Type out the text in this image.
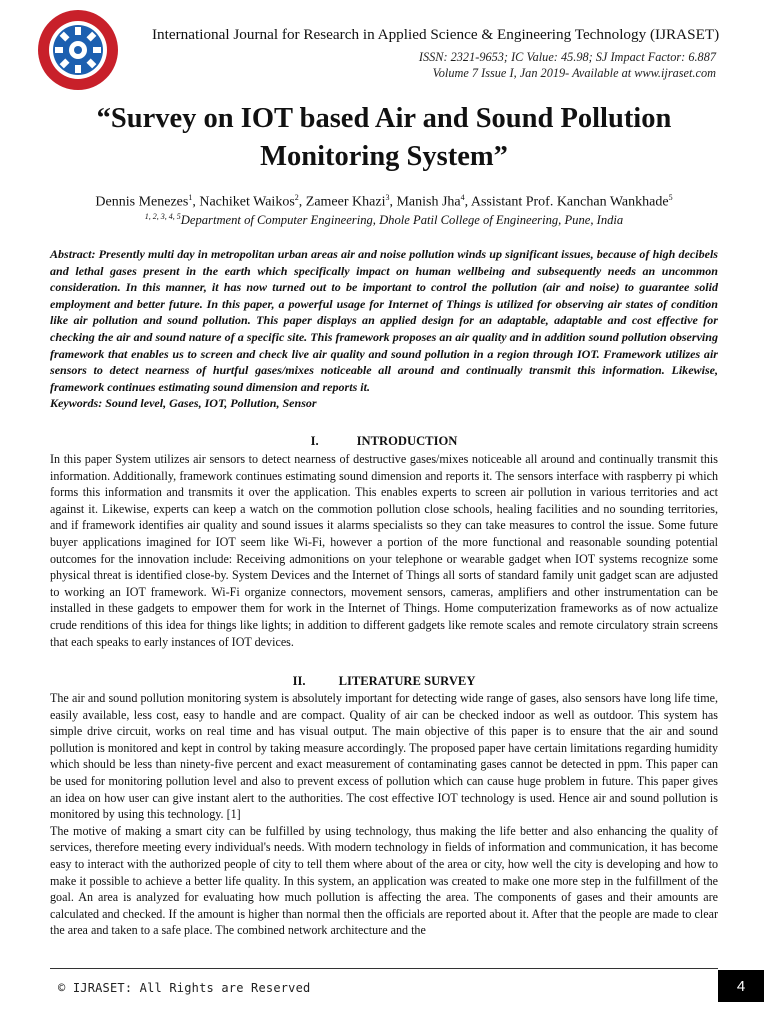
International Journal for Research in Applied Science & Engineering Technology (IJRASET)
ISSN: 2321-9653; IC Value: 45.98; SJ Impact Factor: 6.887
Volume 7 Issue I, Jan 2019- Available at www.ijraset.com
“Survey on IOT based Air and Sound Pollution
Monitoring System”
Dennis Menezes$^1$, Nachiket Waikos$^2$, Zameer Khazi$^3$, Manish Jha$^4$, Assistant Prof. Kanchan Wankhade$^5$
$^{1, 2, 3, 4, 5}$Department of Computer Engineering, Dhole Patil College of Engineering, Pune, India

Abstract: Presently multi day in metropolitan urban areas air and noise pollution winds up significant issues, because of high decibels and lethal gases present in the earth which specifically impact on human wellbeing and subsequently needs an uncommon consideration. In this manner, it has now turned out to be important to control the pollution (air and noise) to guarantee solid employment and better future. In this paper, a powerful usage for Internet of Things is utilized for observing air states of condition like air pollution and sound pollution. This paper displays an applied design for an adaptable, adaptable and cost effective for checking the air and sound nature of a specific site. This framework proposes an air quality and in addition sound pollution observing framework that enables us to screen and check live air quality and sound pollution in a region through IOT. Framework utilizes air sensors to detect nearness of hurtful gases/mixes noticeable all around and continually transmit this information. Likewise, framework continues estimating sound dimension and reports it.

Keywords: Sound level, Gases, IOT, Pollution, Sensor

I.	INTRODUCTION

In this paper System utilizes air sensors to detect nearness of destructive gases/mixes noticeable all around and continually transmit this information. Additionally, framework continues estimating sound dimension and reports it. The sensors interface with raspberry pi which forms this information and transmits it over the application. This enables experts to screen air pollution in various territories and act against it. Likewise, experts can keep a watch on the commotion pollution close schools, healing facilities and no sounding territories, and if framework identifies air quality and sound issues it alarms specialists so they can take measures to control the issue. Some future buyer applications imagined for IOT seem like Wi-Fi, however a portion of the more functional and reasonable sounding potential outcomes for the innovation include: Receiving admonitions on your telephone or wearable gadget when IOT systems recognize some physical threat is identified close-by. System Devices and the Internet of Things all sorts of standard family unit gadget scan are adjusted to working an IOT framework. Wi-Fi organize connectors, movement sensors, cameras, amplifiers and other instrumentation can be installed in these gadgets to empower them for work in the Internet of Things. Home computerization frameworks as of now actualize crude renditions of this idea for things like lights; in addition to different gadgets like remote scales and remote circulatory strain screens that each speaks to early instances of IOT devices.

II.	LITERATURE SURVEY

The air and sound pollution monitoring system is absolutely important for detecting wide range of gases, also sensors have long life time, easily available, less cost, easy to handle and are compact. Quality of air can be checked indoor as well as outdoor. This system has simple drive circuit, works on real time and has visual output. The main objective of this paper is to ensure that the air and sound pollution is monitored and kept in control by taking measure accordingly. The proposed paper have certain limitations regarding humidity which should be less than ninety-five percent and exact measurement of contaminating gases cannot be detected in ppm. This paper can be used for monitoring pollution level and also to prevent excess of pollution which can cause huge problem in future. This paper gives an idea on how user can give instant alert to the authorities. The cost effective IOT technology is used. Hence air and sound pollution is monitored by using this technology. [1]

The motive of making a smart city can be fulfilled by using technology, thus making the life better and also enhancing the quality of services, therefore meeting every individual's needs. With modern technology in fields of information and communication, it has become easy to interact with the authorized people of city to tell them where about of the area or city, how well the city is developing and how to make it possible to achieve a better life quality. In this system, an application was created to make one more step in the fulfillment of the goal. An area is analyzed for evaluating how much pollution is affecting the area. The components of gases and their amounts are calculated and checked. If the amount is higher than normal then the officials are reported about it. After that the people are made to clear the area and taken to a safe place. The combined network architecture and the

© IJRASET: All Rights are Reserved	4
